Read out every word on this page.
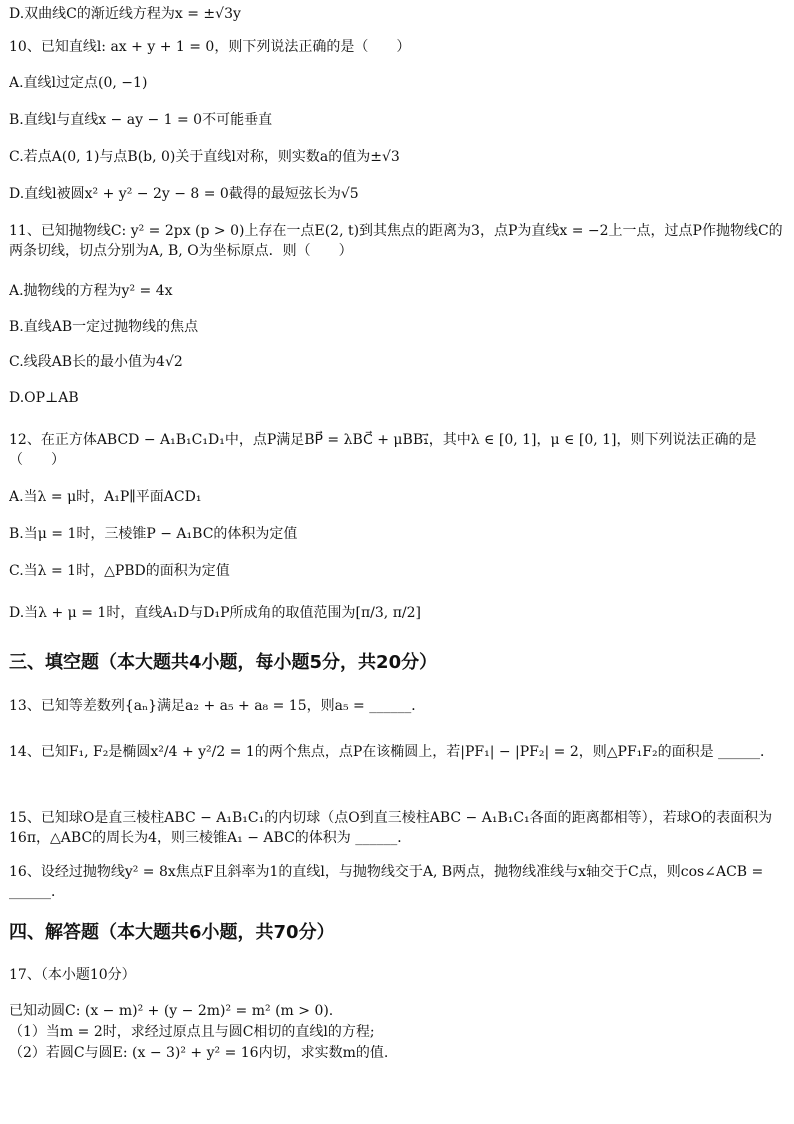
D.双曲线C的渐近线方程为x = ±√3y
10、已知直线l: ax + y + 1 = 0，则下列说法正确的是（　　）
A.直线l过定点(0, −1)
B.直线l与直线x − ay − 1 = 0不可能垂直
C.若点A(0, 1)与点B(b, 0)关于直线l对称，则实数a的值为±√3
D.直线l被圆x² + y² − 2y − 8 = 0截得的最短弦长为√5
11、已知抛物线C: y² = 2px (p > 0)上存在一点E(2, t)到其焦点的距离为3，点P为直线x = −2上一点，过点P作抛物线C的两条切线，切点分别为A, B, O为坐标原点．则（　　）
A.抛物线的方程为y² = 4x
B.直线AB一定过抛物线的焦点
C.线段AB长的最小值为4√2
D.OP⊥AB
12、在正方体ABCD − A₁B₁C₁D₁中，点P满足BP⃗ = λBC⃗ + μBB₁⃗，其中λ ∈ [0, 1]，μ ∈ [0, 1]，则下列说法正确的是（　　）
A.当λ = μ时，A₁P∥平面ACD₁
B.当μ = 1时，三棱锥P − A₁BC的体积为定值
C.当λ = 1时，△PBD的面积为定值
D.当λ + μ = 1时，直线A₁D与D₁P所成角的取值范围为[π/3, π/2]
三、填空题（本大题共4小题，每小题5分，共20分）
13、已知等差数列{aₙ}满足a₂ + a₅ + a₈ = 15，则a₅ = ______．
14、已知F₁, F₂是椭圆x²/4 + y²/2 = 1的两个焦点，点P在该椭圆上，若|PF₁| − |PF₂| = 2，则△PF₁F₂的面积是 ______．
15、已知球O是直三棱柱ABC − A₁B₁C₁的内切球（点O到直三棱柱ABC − A₁B₁C₁各面的距离都相等），若球O的表面积为16π，△ABC的周长为4，则三棱锥A₁ − ABC的体积为 ______．
16、设经过抛物线y² = 8x焦点F且斜率为1的直线l，与抛物线交于A, B两点，抛物线准线与x轴交于C点，则cos∠ACB = ______．
四、解答题（本大题共6小题，共70分）
17、（本小题10分）
已知动圆C: (x − m)² + (y − 2m)² = m² (m > 0).
（1）当m = 2时，求经过原点且与圆C相切的直线l的方程;
（2）若圆C与圆E: (x − 3)² + y² = 16内切，求实数m的值.
